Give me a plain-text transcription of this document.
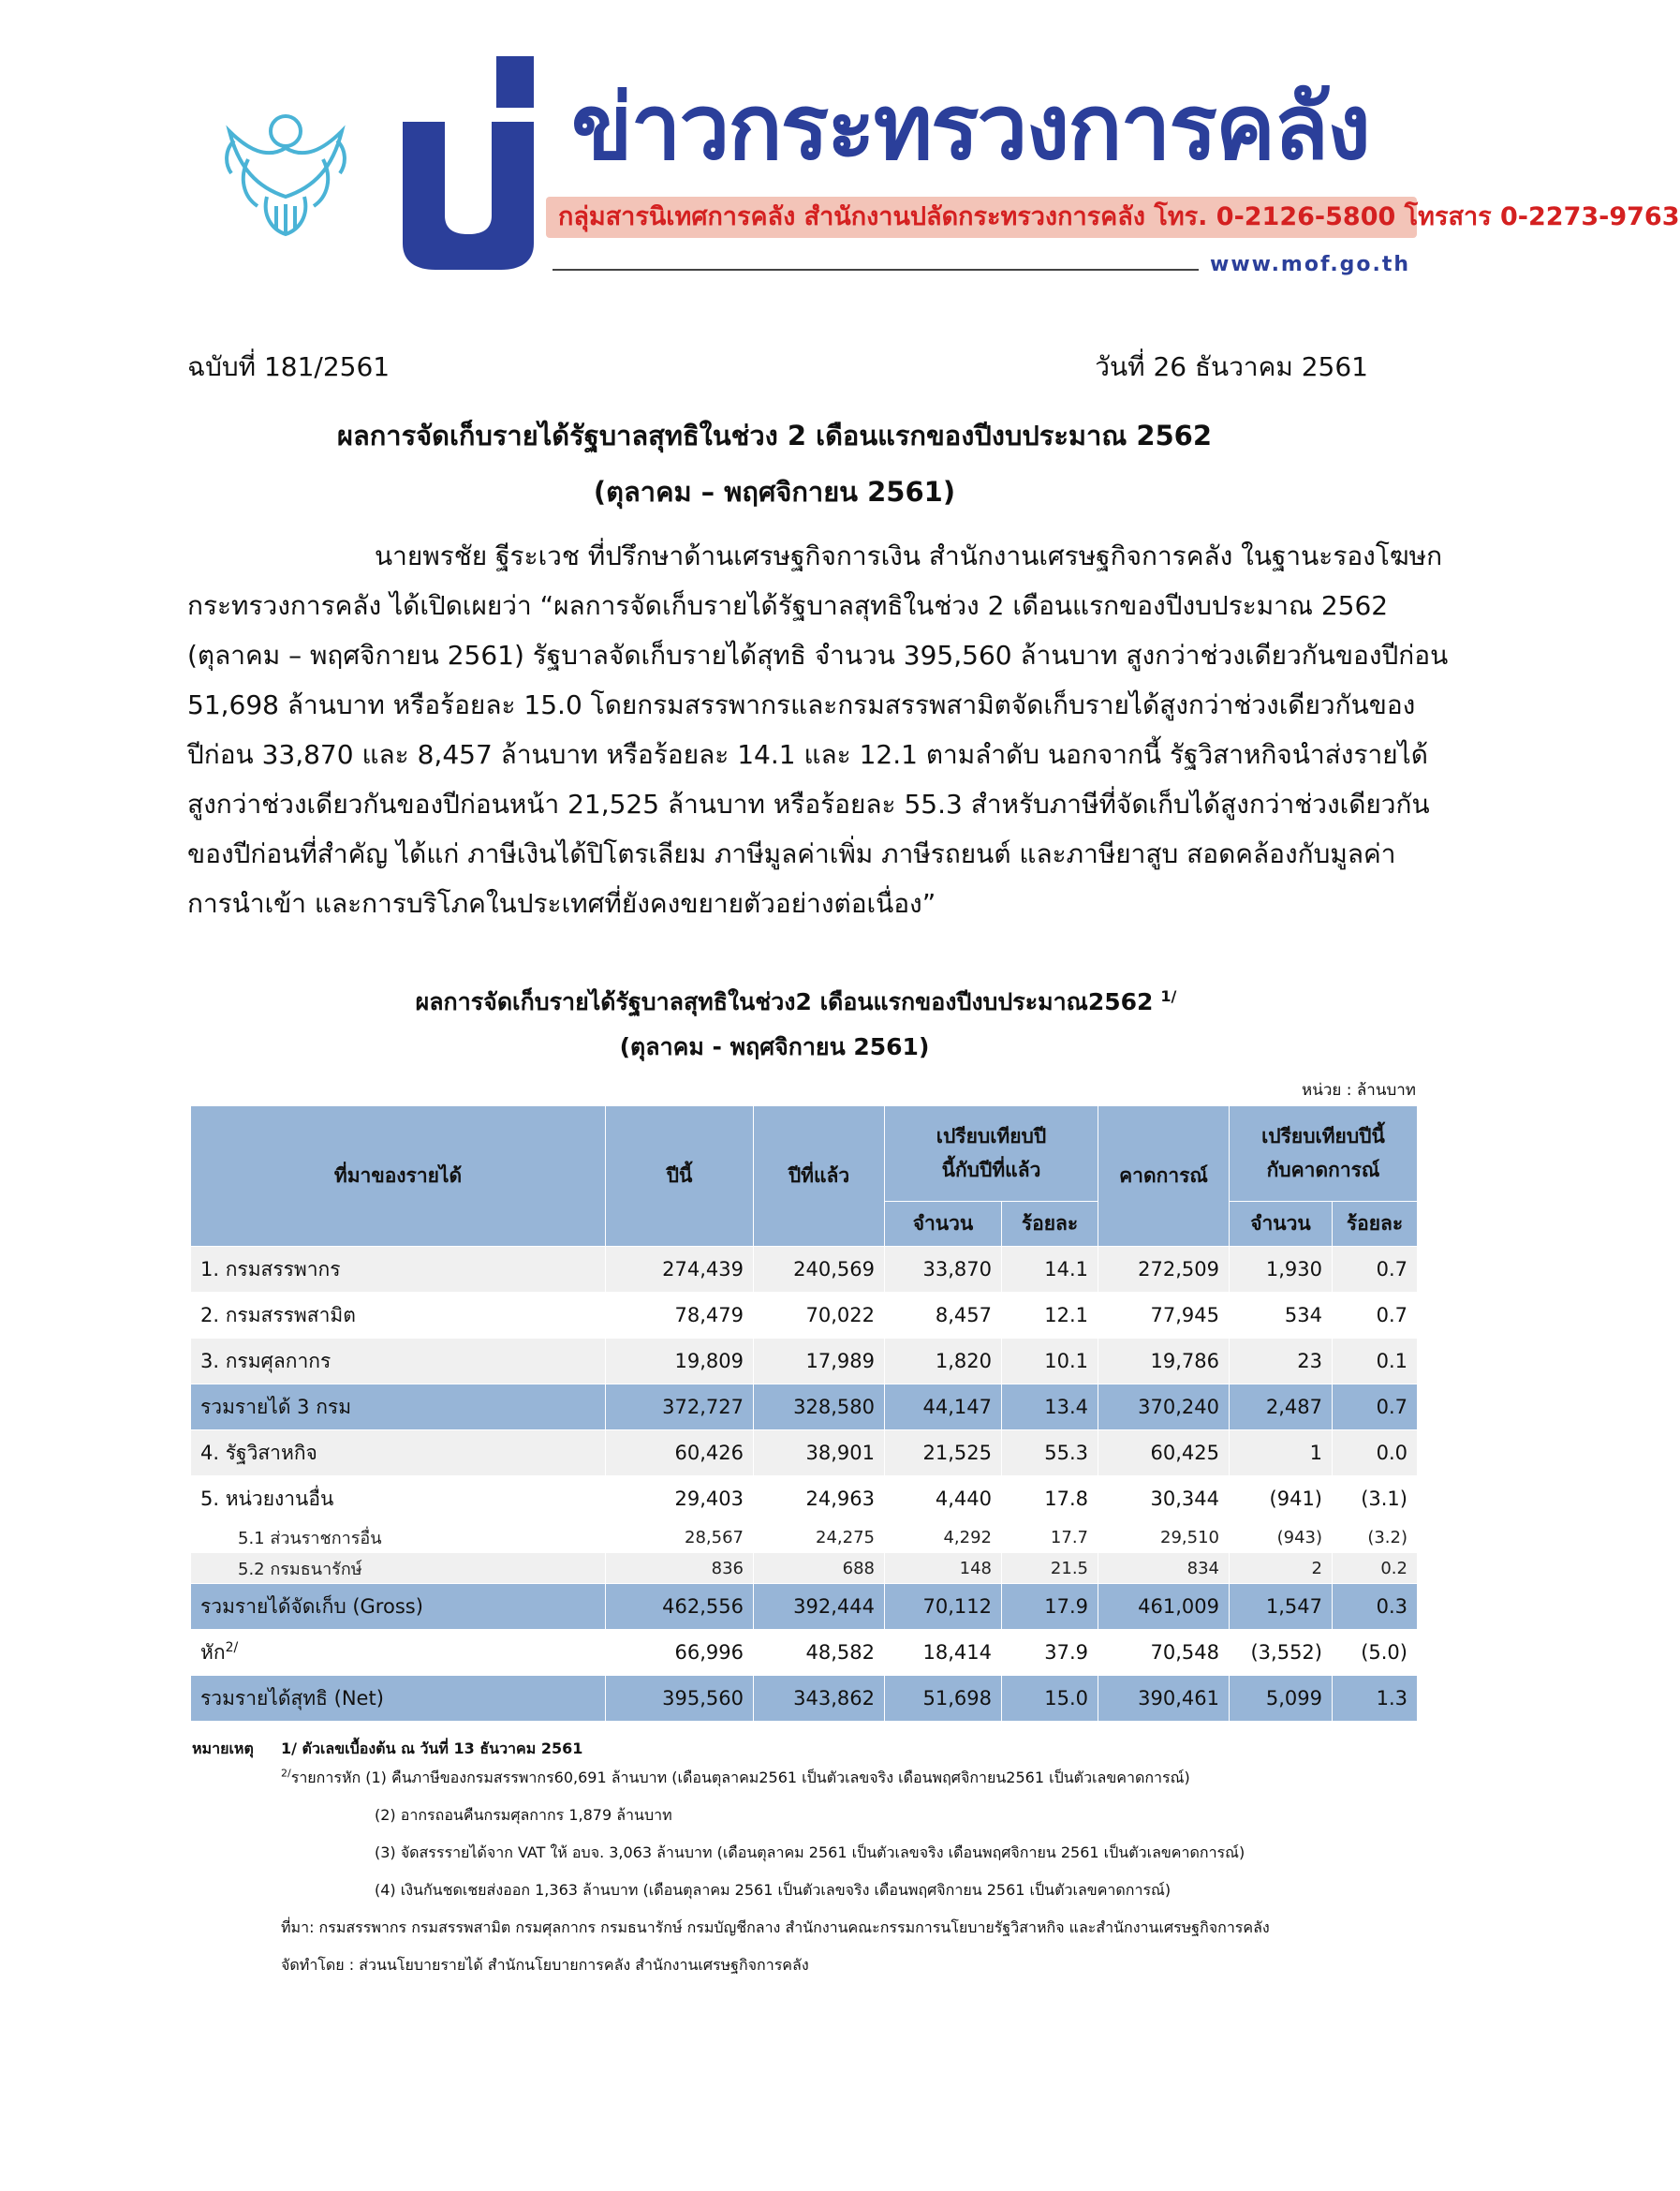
ข่าวกระทรวงการคลัง
กลุ่มสารนิเทศการคลัง สำนักงานปลัดกระทรวงการคลัง โทร. 0-2126-5800 โทรสาร 0-2273-9763
www.mof.go.th
ฉบับที่ 181/2561	วันที่ 26 ธันวาคม 2561
ผลการจัดเก็บรายได้รัฐบาลสุทธิในช่วง 2 เดือนแรกของปีงบประมาณ 2562
(ตุลาคม – พฤศจิกายน 2561)
นายพรชัย ฐีระเวช ที่ปรึกษาด้านเศรษฐกิจการเงิน สำนักงานเศรษฐกิจการคลัง ในฐานะรองโฆษก
กระทรวงการคลัง ได้เปิดเผยว่า “ผลการจัดเก็บรายได้รัฐบาลสุทธิในช่วง 2 เดือนแรกของปีงบประมาณ 2562
(ตุลาคม – พฤศจิกายน 2561) รัฐบาลจัดเก็บรายได้สุทธิ จำนวน 395,560 ล้านบาท สูงกว่าช่วงเดียวกันของปีก่อน
51,698 ล้านบาท หรือร้อยละ 15.0 โดยกรมสรรพากรและกรมสรรพสามิตจัดเก็บรายได้สูงกว่าช่วงเดียวกันของ
ปีก่อน 33,870 และ 8,457 ล้านบาท หรือร้อยละ 14.1 และ 12.1 ตามลำดับ นอกจากนี้ รัฐวิสาหกิจนำส่งรายได้
สูงกว่าช่วงเดียวกันของปีก่อนหน้า 21,525 ล้านบาท หรือร้อยละ 55.3 สำหรับภาษีที่จัดเก็บได้สูงกว่าช่วงเดียวกัน
ของปีก่อนที่สำคัญ ได้แก่ ภาษีเงินได้ปิโตรเลียม ภาษีมูลค่าเพิ่ม ภาษีรถยนต์ และภาษียาสูบ สอดคล้องกับมูลค่า
การนำเข้า และการบริโภคในประเทศที่ยังคงขยายตัวอย่างต่อเนื่อง”
ผลการจัดเก็บรายได้รัฐบาลสุทธิในช่วง2 เดือนแรกของปีงบประมาณ2562 $^{1/}$
(ตุลาคม - พฤศจิกายน 2561)
หน่วย : ล้านบาท
ที่มาของรายได้	ปีนี้	ปีที่แล้ว	เปรียบเทียบปีนี้กับปีที่แล้ว		คาดการณ์	เปรียบเทียบปีนี้กับคาดการณ์	
			จำนวน	ร้อยละ		จำนวน	ร้อยละ
1. กรมสรรพากร	274,439	240,569	33,870	14.1	272,509	1,930	0.7
2. กรมสรรพสามิต	78,479	70,022	8,457	12.1	77,945	534	0.7
3. กรมศุลกากร	19,809	17,989	1,820	10.1	19,786	23	0.1
รวมรายได้ 3 กรม	372,727	328,580	44,147	13.4	370,240	2,487	0.7
4. รัฐวิสาหกิจ	60,426	38,901	21,525	55.3	60,425	1	0.0
5. หน่วยงานอื่น	29,403	24,963	4,440	17.8	30,344	(941)	(3.1)
5.1 ส่วนราชการอื่น	28,567	24,275	4,292	17.7	29,510	(943)	(3.2)
5.2 กรมธนารักษ์	836	688	148	21.5	834	2	0.2
รวมรายได้จัดเก็บ (Gross)	462,556	392,444	70,112	17.9	461,009	1,547	0.3
หัก$^{2/}$	66,996	48,582	18,414	37.9	70,548	(3,552)	(5.0)
รวมรายได้สุทธิ (Net)	395,560	343,862	51,698	15.0	390,461	5,099	1.3
หมายเหตุ 1/ ตัวเลขเบื้องต้น ณ วันที่ 13 ธันวาคม 2561
$^{2/}$รายการหัก (1) คืนภาษีของกรมสรรพากร60,691 ล้านบาท (เดือนตุลาคม2561 เป็นตัวเลขจริง เดือนพฤศจิกายน2561 เป็นตัวเลขคาดการณ์)
(2) อากรถอนคืนกรมศุลกากร 1,879 ล้านบาท
(3) จัดสรรรายได้จาก VAT ให้ อบจ. 3,063 ล้านบาท (เดือนตุลาคม 2561 เป็นตัวเลขจริง เดือนพฤศจิกายน 2561 เป็นตัวเลขคาดการณ์)
(4) เงินกันชดเชยส่งออก 1,363 ล้านบาท (เดือนตุลาคม 2561 เป็นตัวเลขจริง เดือนพฤศจิกายน 2561 เป็นตัวเลขคาดการณ์)
ที่มา: กรมสรรพากร กรมสรรพสามิต กรมศุลกากร กรมธนารักษ์ กรมบัญชีกลาง สำนักงานคณะกรรมการนโยบายรัฐวิสาหกิจ และสำนักงานเศรษฐกิจการคลัง
จัดทำโดย : ส่วนนโยบายรายได้ สำนักนโยบายการคลัง สำนักงานเศรษฐกิจการคลัง
